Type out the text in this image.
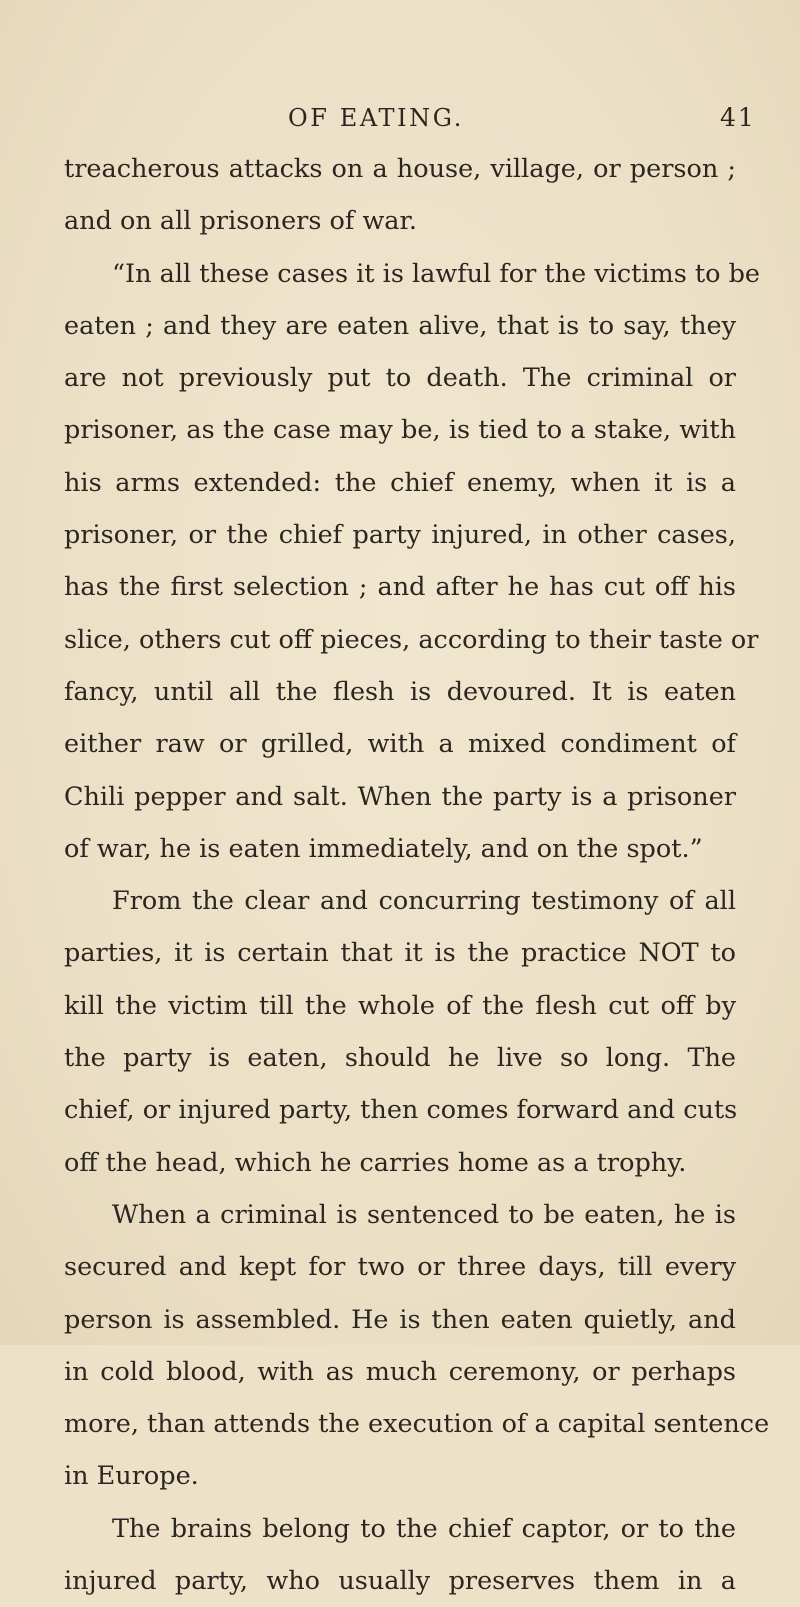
OF EATING.	41
treacherous attacks on a house, village, or person ;
and on all prisoners of war.
“In all these cases it is lawful for the victims to be
eaten ; and they are eaten alive, that is to say, they
are not previously put to death. The criminal or
prisoner, as the case may be, is tied to a stake, with
his arms extended: the chief enemy, when it is a
prisoner, or the chief party injured, in other cases,
has the first selection ; and after he has cut off his
slice, others cut off pieces, according to their taste or
fancy, until all the flesh is devoured. It is eaten
either raw or grilled, with a mixed condiment of
Chili pepper and salt. When the party is a prisoner
of war, he is eaten immediately, and on the spot.”
From the clear and concurring testimony of all
parties, it is certain that it is the practice NOT to
kill the victim till the whole of the flesh cut off by
the party is eaten, should he live so long. The
chief, or injured party, then comes forward and cuts
off the head, which he carries home as a trophy.
When a criminal is sentenced to be eaten, he is
secured and kept for two or three days, till every
person is assembled. He is then eaten quietly, and
in cold blood, with as much ceremony, or perhaps
more, than attends the execution of a capital sentence
in Europe.
The brains belong to the chief captor, or to the
injured party, who usually preserves them in a
